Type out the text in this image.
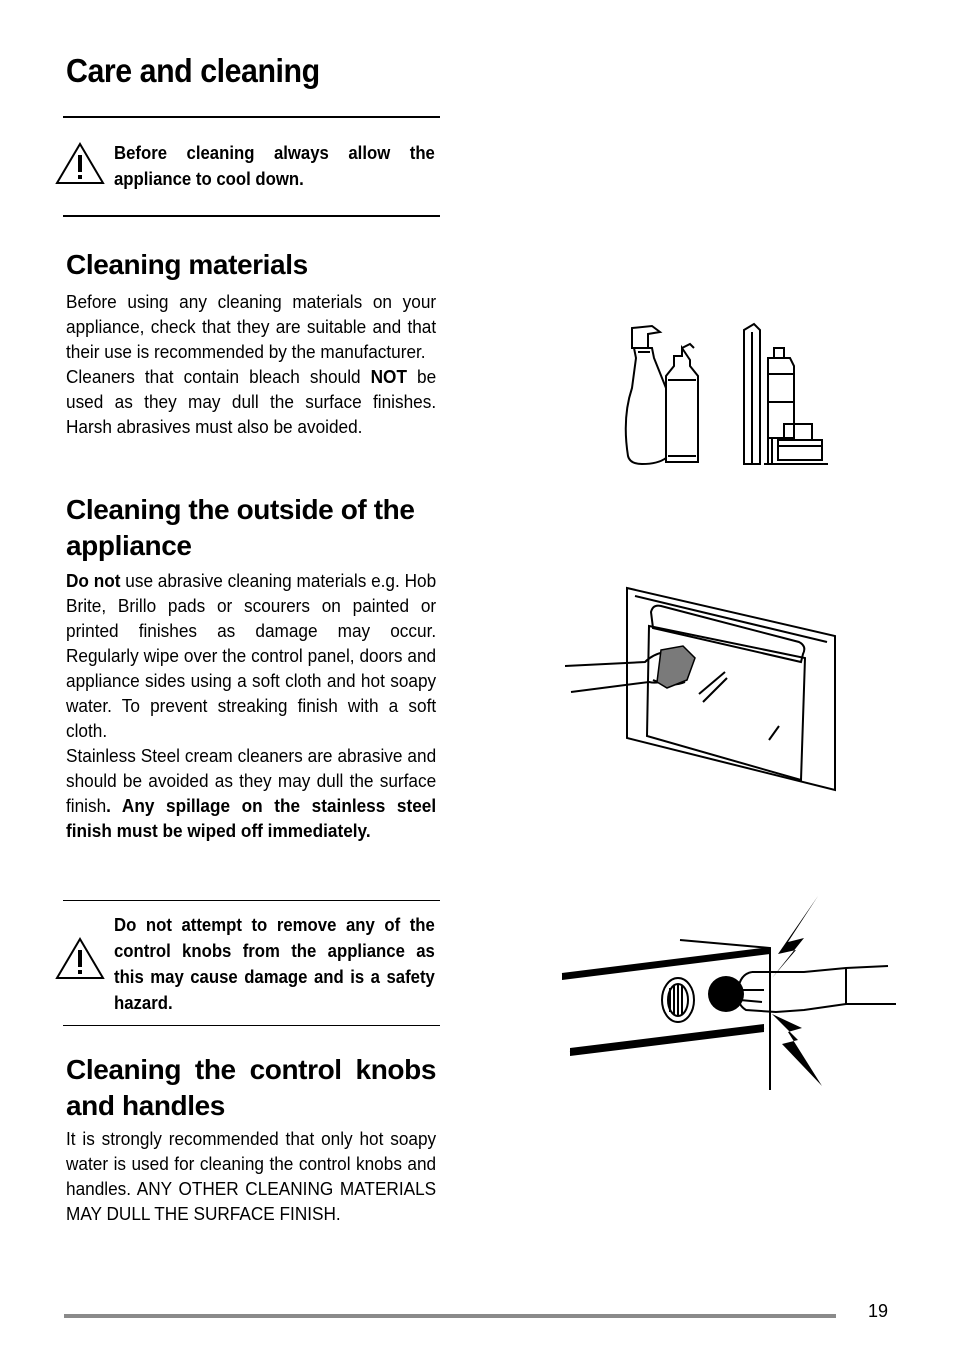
Care and cleaning

Before cleaning always allow the appliance to cool down.

Cleaning materials

Before using any cleaning materials on your appliance, check that they are suitable and that their use is recommended by the manufacturer.
Cleaners that contain bleach should NOT be used as they may dull the surface finishes. Harsh abrasives must also be avoided.

Cleaning the outside of the appliance

Do not use abrasive cleaning materials e.g. Hob Brite, Brillo pads or scourers on painted or printed finishes as damage may occur. Regularly wipe over the control panel, doors and appliance sides using a soft cloth and hot soapy water. To prevent streaking finish with a soft cloth.
Stainless Steel cream cleaners are abrasive and should be avoided as they may dull the surface finish. Any spillage on the stainless steel finish must be wiped off immediately.

Do not attempt to remove any of the control knobs from the appliance as this may cause damage and is a safety hazard.

Cleaning the control knobs and handles

It is strongly recommended that only hot soapy water is used for cleaning the control knobs and handles. ANY OTHER CLEANING MATERIALS MAY DULL THE SURFACE FINISH.

19
